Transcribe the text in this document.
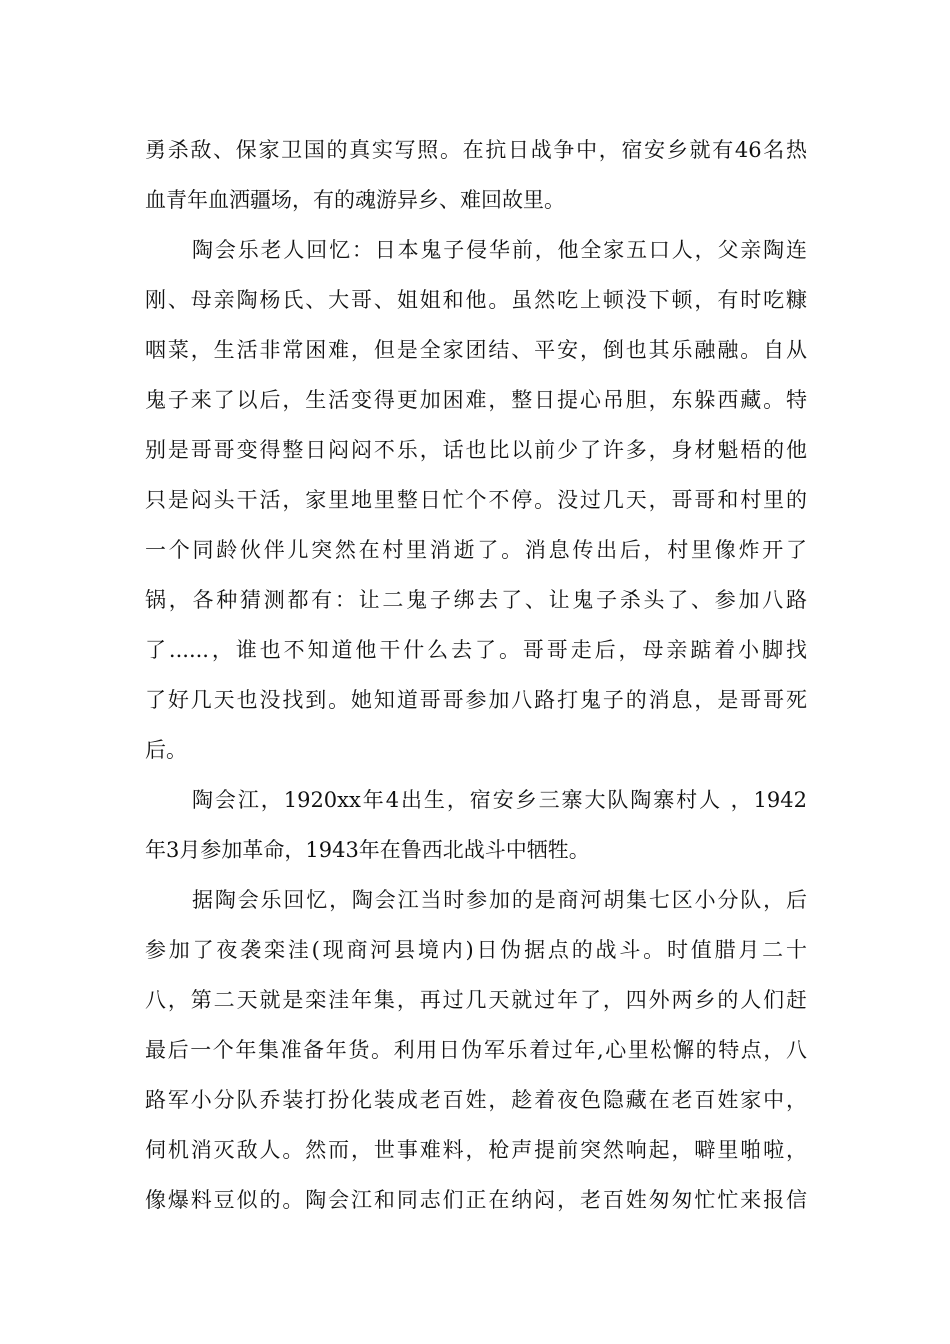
勇杀敌、保家卫国的真实写照。在抗日战争中，宿安乡就有46名热
血青年血洒疆场，有的魂游异乡、难回故里。
陶会乐老人回忆：日本鬼子侵华前，他全家五口人，父亲陶连
刚、母亲陶杨氏、大哥、姐姐和他。虽然吃上顿没下顿，有时吃糠
咽菜，生活非常困难，但是全家团结、平安，倒也其乐融融。自从
鬼子来了以后，生活变得更加困难，整日提心吊胆，东躲西藏。特
别是哥哥变得整日闷闷不乐，话也比以前少了许多，身材魁梧的他
只是闷头干活，家里地里整日忙个不停。没过几天，哥哥和村里的
一个同龄伙伴儿突然在村里消逝了。消息传出后，村里像炸开了
锅，各种猜测都有：让二鬼子绑去了、让鬼子杀头了、参加八路
了......，谁也不知道他干什么去了。哥哥走后，母亲踮着小脚找
了好几天也没找到。她知道哥哥参加八路打鬼子的消息，是哥哥死
后。
陶会江，1920xx年4出生，宿安乡三寨大队陶寨村人 ，1942
年3月参加革命，1943年在鲁西北战斗中牺牲。
据陶会乐回忆，陶会江当时参加的是商河胡集七区小分队，后
参加了夜袭栾洼(现商河县境内)日伪据点的战斗。时值腊月二十
八，第二天就是栾洼年集，再过几天就过年了，四外两乡的人们赶
最后一个年集准备年货。利用日伪军乐着过年,心里松懈的特点，八
路军小分队乔装打扮化装成老百姓，趁着夜色隐藏在老百姓家中，
伺机消灭敌人。然而，世事难料，枪声提前突然响起，噼里啪啦，
像爆料豆似的。陶会江和同志们正在纳闷，老百姓匆匆忙忙来报信
